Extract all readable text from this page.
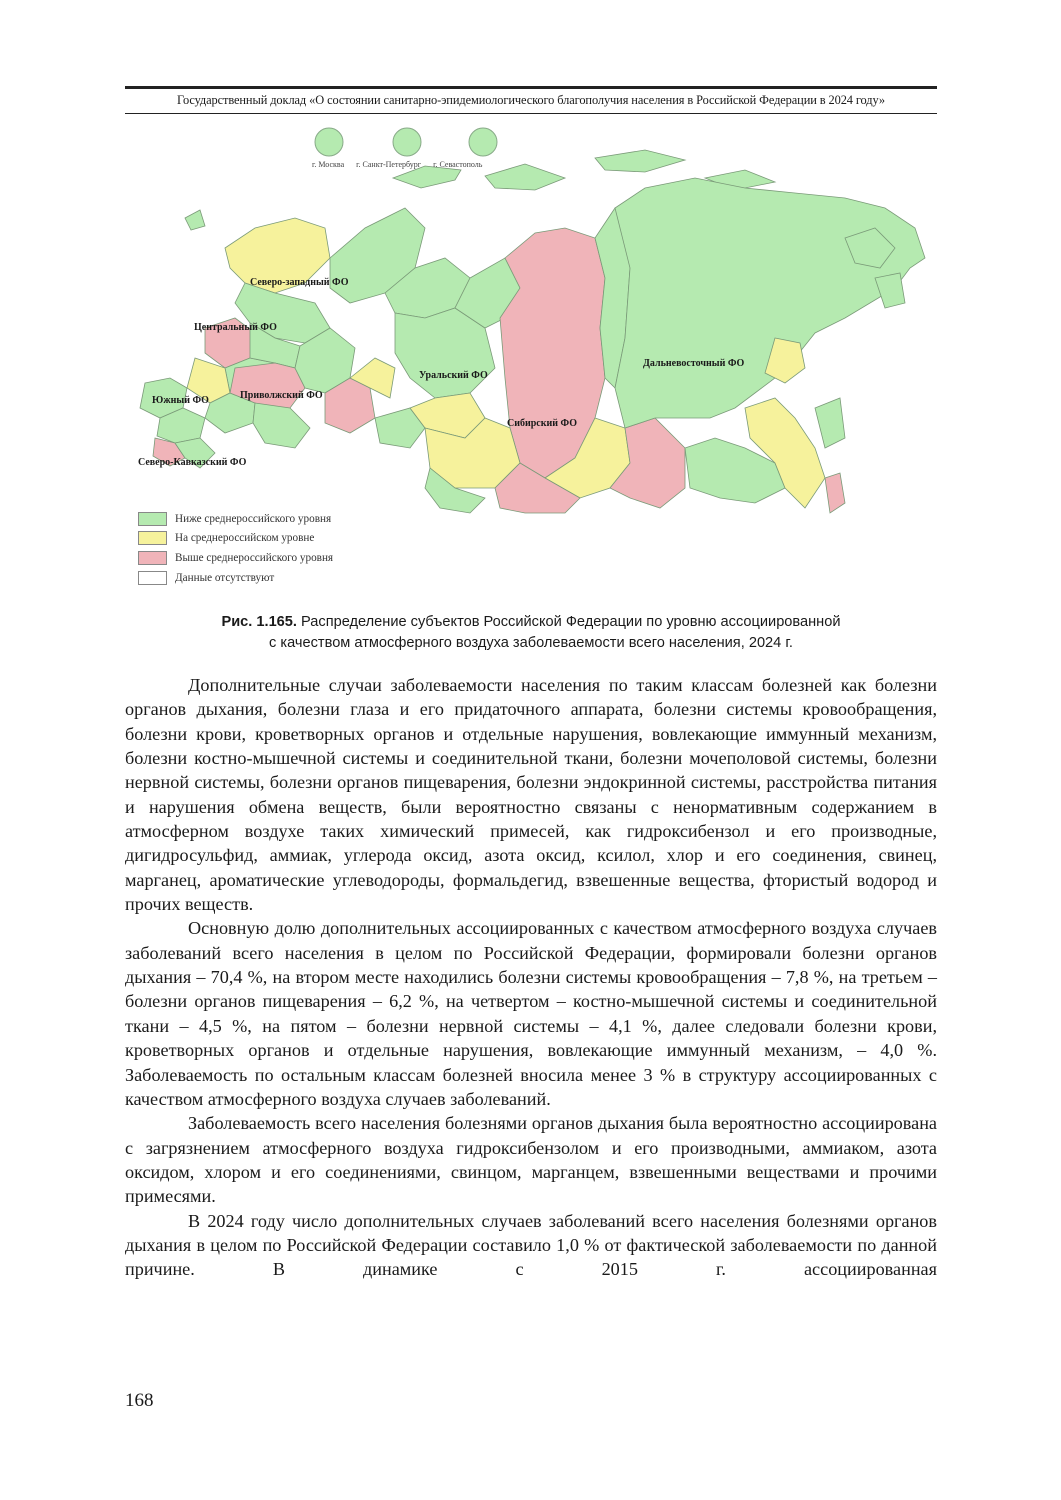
Государственный доклад «О состоянии санитарно-эпидемиологического благополучия населения в Российской Федерации в 2024 году»
г. Москва г. Санкт-Петербург г. Севастополь
Северо-западный ФО
Центральный ФО
Южный ФО	Приволжский ФО
Уральский ФО
Сибирский ФО
Дальневосточный ФО
Северо-Кавказский ФО
Ниже среднероссийского уровня
На среднероссийском уровне
Выше среднероссийского уровня
Данные отсутствуют
Рис. 1.165. Распределение субъектов Российской Федерации по уровню ассоциированной
с качеством атмосферного воздуха заболеваемости всего населения, 2024 г.

Дополнительные случаи заболеваемости населения по таким классам болезней как болезни органов дыхания, болезни глаза и его придаточного аппарата, болезни системы кровообращения, болезни крови, кроветворных органов и отдельные нарушения, вовлекающие иммунный механизм, болезни костно-мышечной системы и соединительной ткани, болезни мочеполовой системы, болезни нервной системы, болезни органов пищеварения, болезни эндокринной системы, расстройства питания и нарушения обмена веществ, были вероятностно связаны с ненормативным содержанием в атмосферном воздухе таких химический примесей, как гидроксибензол и его производные, дигидросульфид, аммиак, углерода оксид, азота оксид, ксилол, хлор и его соединения, свинец, марганец, ароматические углеводороды, формальдегид, взвешенные вещества, фтористый водород и прочих веществ.

Основную долю дополнительных ассоциированных с качеством атмосферного воздуха случаев заболеваний всего населения в целом по Российской Федерации, формировали болезни органов дыхания – 70,4 %, на втором месте находились болезни системы кровообращения – 7,8 %, на третьем – болезни органов пищеварения – 6,2 %, на четвертом – костно-мышечной системы и соединительной ткани – 4,5 %, на пятом – болезни нервной системы – 4,1 %, далее следовали болезни крови, кроветворных органов и отдельные нарушения, вовлекающие иммунный механизм, – 4,0 %. Заболеваемость по остальным классам болезней вносила менее 3 % в структуру ассоциированных с качеством атмосферного воздуха случаев заболеваний.

Заболеваемость всего населения болезнями органов дыхания была вероятностно ассоциирована с загрязнением атмосферного воздуха гидроксибензолом и его производными, аммиаком, азота оксидом, хлором и его соединениями, свинцом, марганцем, взвешенными веществами и прочими примесями.

В 2024 году число дополнительных случаев заболеваний всего населения болезнями органов дыхания в целом по Российской Федерации составило 1,0 % от фактической заболеваемости по данной причине. В динамике с 2015 г. ассоциированная

168
